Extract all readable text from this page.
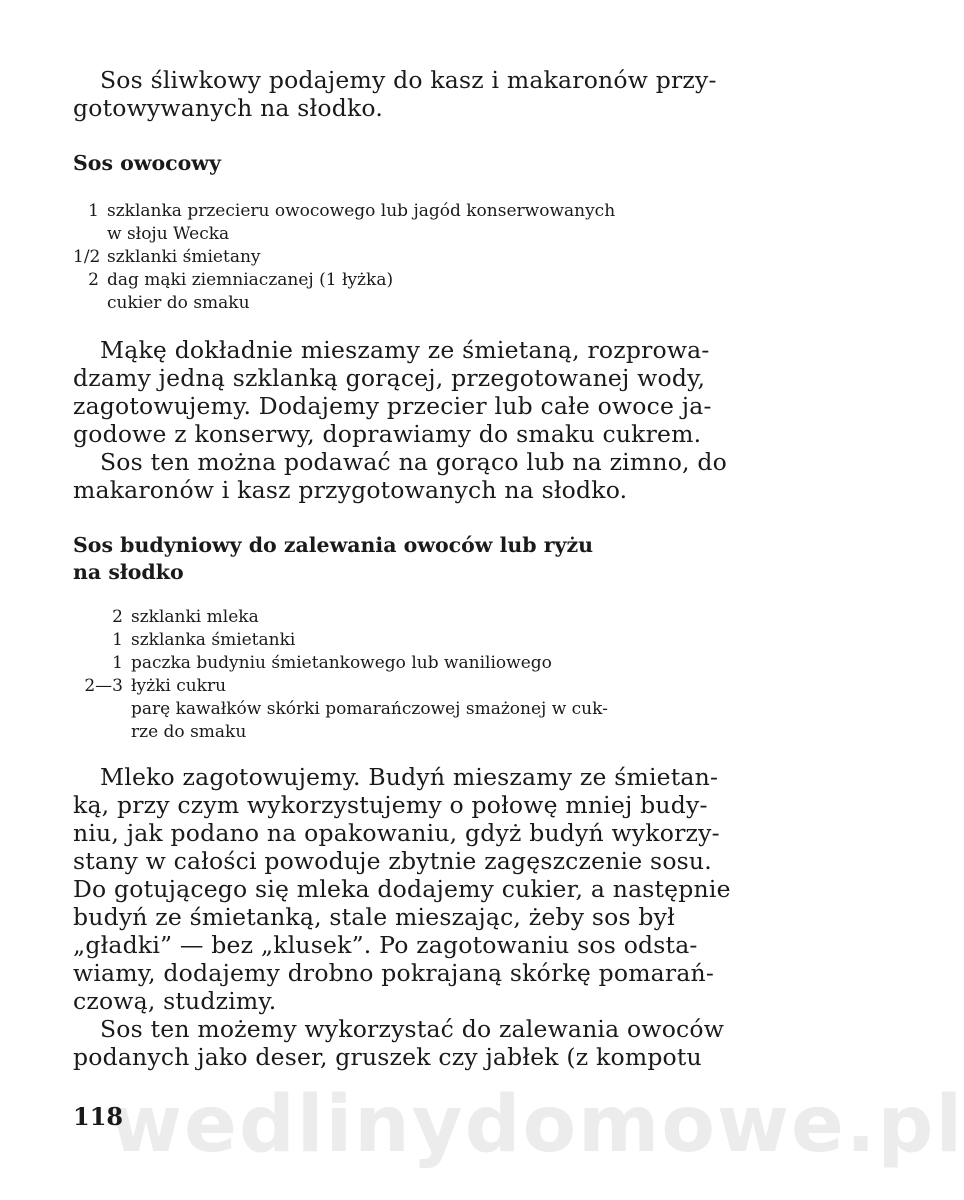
Sos śliwkowy podajemy do kasz i makaronów przy-
gotowywanych na słodko.

Sos owocowy
1 szklanka przecieru owocowego lub jagód konserwowanych
w słoju Wecka
1/2 szklanki śmietany
2 dag mąki ziemniaczanej (1 łyżka)
cukier do smaku

Mąkę dokładnie mieszamy ze śmietaną, rozprowa-
dzamy jedną szklanką gorącej, przegotowanej wody,
zagotowujemy. Dodajemy przecier lub całe owoce ja-
godowe z konserwy, doprawiamy do smaku cukrem.

Sos ten można podawać na gorąco lub na zimno, do
makaronów i kasz przygotowanych na słodko.

Sos budyniowy do zalewania owoców lub ryżu
na słodko
2 szklanki mleka
1 szklanka śmietanki
1 paczka budyniu śmietankowego lub waniliowego
2—3 łyżki cukru
parę kawałków skórki pomarańczowej smażonej w cuk-
rze do smaku

Mleko zagotowujemy. Budyń mieszamy ze śmietan-
ką, przy czym wykorzystujemy o połowę mniej budy-
niu, jak podano na opakowaniu, gdyż budyń wykorzy-
stany w całości powoduje zbytnie zagęszczenie sosu.
Do gotującego się mleka dodajemy cukier, a następnie
budyń ze śmietanką, stale mieszając, żeby sos był
„gładki” — bez „klusek”. Po zagotowaniu sos odsta-
wiamy, dodajemy drobno pokrajaną skórkę pomarań-
czową, studzimy.

Sos ten możemy wykorzystać do zalewania owoców
podanych jako deser, gruszek czy jabłek (z kompotu

wedlinydomowe.pl

118
